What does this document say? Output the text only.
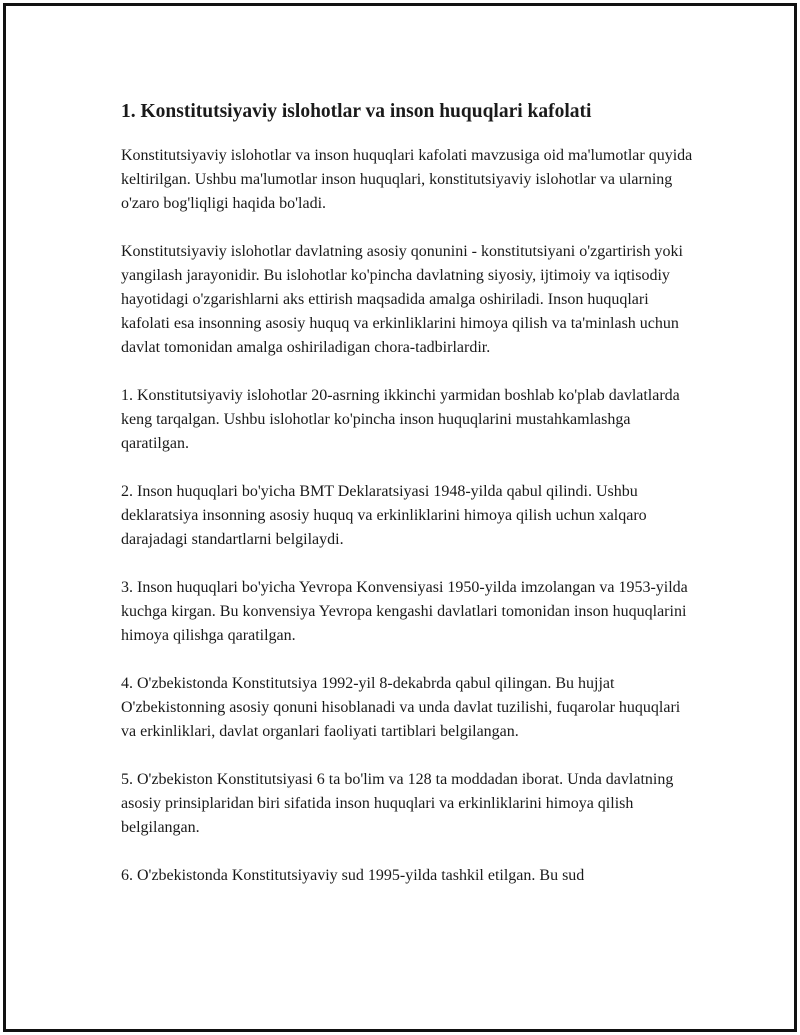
1. Konstitutsiyaviy islohotlar va inson huquqlari kafolati

Konstitutsiyaviy islohotlar va inson huquqlari kafolati mavzusiga oid ma'lumotlar quyida keltirilgan. Ushbu ma'lumotlar inson huquqlari, konstitutsiyaviy islohotlar va ularning o'zaro bog'liqligi haqida bo'ladi.

Konstitutsiyaviy islohotlar davlatning asosiy qonunini - konstitutsiyani o'zgartirish yoki yangilash jarayonidir. Bu islohotlar ko'pincha davlatning siyosiy, ijtimoiy va iqtisodiy hayotidagi o'zgarishlarni aks ettirish maqsadida amalga oshiriladi. Inson huquqlari kafolati esa insonning asosiy huquq va erkinliklarini himoya qilish va ta'minlash uchun davlat tomonidan amalga oshiriladigan chora-tadbirlardir.

1. Konstitutsiyaviy islohotlar 20-asrning ikkinchi yarmidan boshlab ko'plab davlatlarda keng tarqalgan. Ushbu islohotlar ko'pincha inson huquqlarini mustahkamlashga qaratilgan.

2. Inson huquqlari bo'yicha BMT Deklaratsiyasi 1948-yilda qabul qilindi. Ushbu deklaratsiya insonning asosiy huquq va erkinliklarini himoya qilish uchun xalqaro darajadagi standartlarni belgilaydi.

3. Inson huquqlari bo'yicha Yevropa Konvensiyasi 1950-yilda imzolangan va 1953-yilda kuchga kirgan. Bu konvensiya Yevropa kengashi davlatlari tomonidan inson huquqlarini himoya qilishga qaratilgan.

4. O'zbekistonda Konstitutsiya 1992-yil 8-dekabrda qabul qilingan. Bu hujjat O'zbekistonning asosiy qonuni hisoblanadi va unda davlat tuzilishi, fuqarolar huquqlari va erkinliklari, davlat organlari faoliyati tartiblari belgilangan.

5. O'zbekiston Konstitutsiyasi 6 ta bo'lim va 128 ta moddadan iborat. Unda davlatning asosiy prinsiplaridan biri sifatida inson huquqlari va erkinliklarini himoya qilish belgilangan.

6. O'zbekistonda Konstitutsiyaviy sud 1995-yilda tashkil etilgan. Bu sud
